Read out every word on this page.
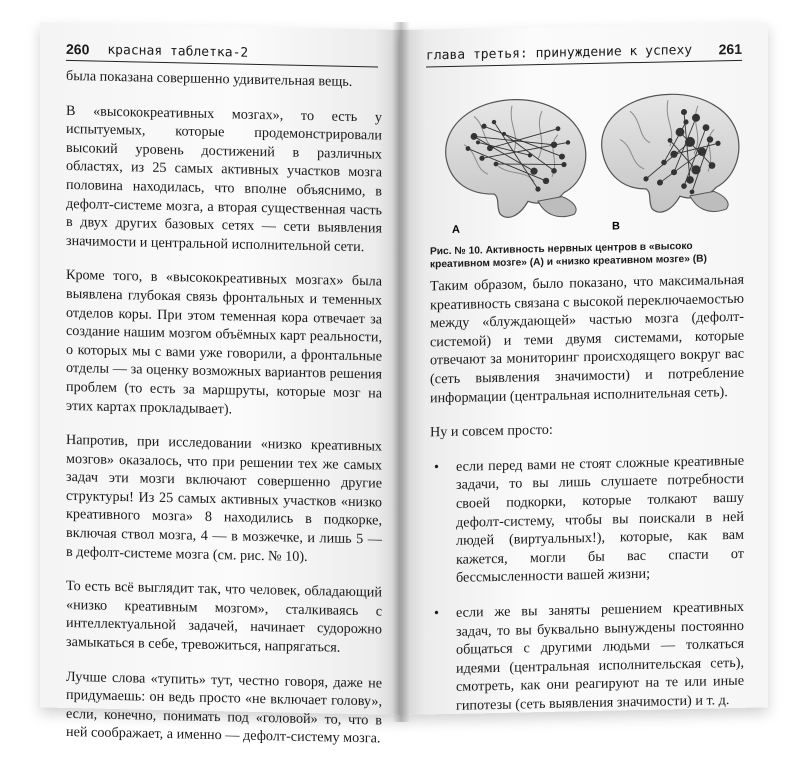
260 красная таблетка-2

была показана совершенно удивительная вещь.

В «высококреативных мозгах», то есть у испытуемых, которые продемонстрировали высокий уровень достижений в различных областях, из 25 самых активных участков мозга половина находилась, что вполне объяснимо, в дефолт-системе мозга, а вторая существенная часть в двух других базовых сетях — сети выявления значимости и центральной исполнительной сети.

Кроме того, в «высококреативных мозгах» была выявлена глубокая связь фронтальных и теменных отделов коры. При этом теменная кора отвечает за создание нашим мозгом объёмных карт реальности, о которых мы с вами уже говорили, а фронтальные отделы — за оценку возможных вариантов решения проблем (то есть за маршруты, которые мозг на этих картах прокладывает).

Напротив, при исследовании «низко креативных мозгов» оказалось, что при решении тех же самых задач эти мозги включают совершенно другие структуры! Из 25 самых активных участков «низко креативного мозга» 8 находились в подкорке, включая ствол мозга, 4 — в мозжечке, и лишь 5 — в дефолт-системе мозга (см. рис. № 10).

То есть всё выглядит так, что человек, обладающий «низко креативным мозгом», сталкиваясь с интеллектуальной задачей, начинает судорожно замыкаться в себе, тревожиться, напрягаться.

Лучше слова «тупить» тут, честно говоря, даже не придумаешь: он ведь просто «не включает голову», если, конечно, понимать под «головой» то, что в ней соображает, а именно — дефолт-систему мозга.

глава третья: принуждение к успеху 261
A	B
Рис. № 10. Активность нервных центров в «высоко креативном мозге» (А) и «низко креативном мозге» (В)

Таким образом, было показано, что максимальная креативность связана с высокой переключаемостью между «блуждающей» частью мозга (дефолт-системой) и теми двумя системами, которые отвечают за мониторинг происходящего вокруг вас (сеть выявления значимости) и потребление информации (центральная исполнительная сеть).

Ну и совсем просто:

• если перед вами не стоят сложные креативные задачи, то вы лишь слушаете потребности своей подкорки, которые толкают вашу дефолт-систему, чтобы вы поискали в ней людей (виртуальных!), которые, как вам кажется, могли бы вас спасти от бессмысленности вашей жизни;
• если же вы заняты решением креативных задач, то вы буквально вынуждены постоянно общаться с другими людьми — толкаться идеями (центральная исполнительская сеть), смотреть, как они реагируют на те или иные гипотезы (сеть выявления значимости) и т. д.
